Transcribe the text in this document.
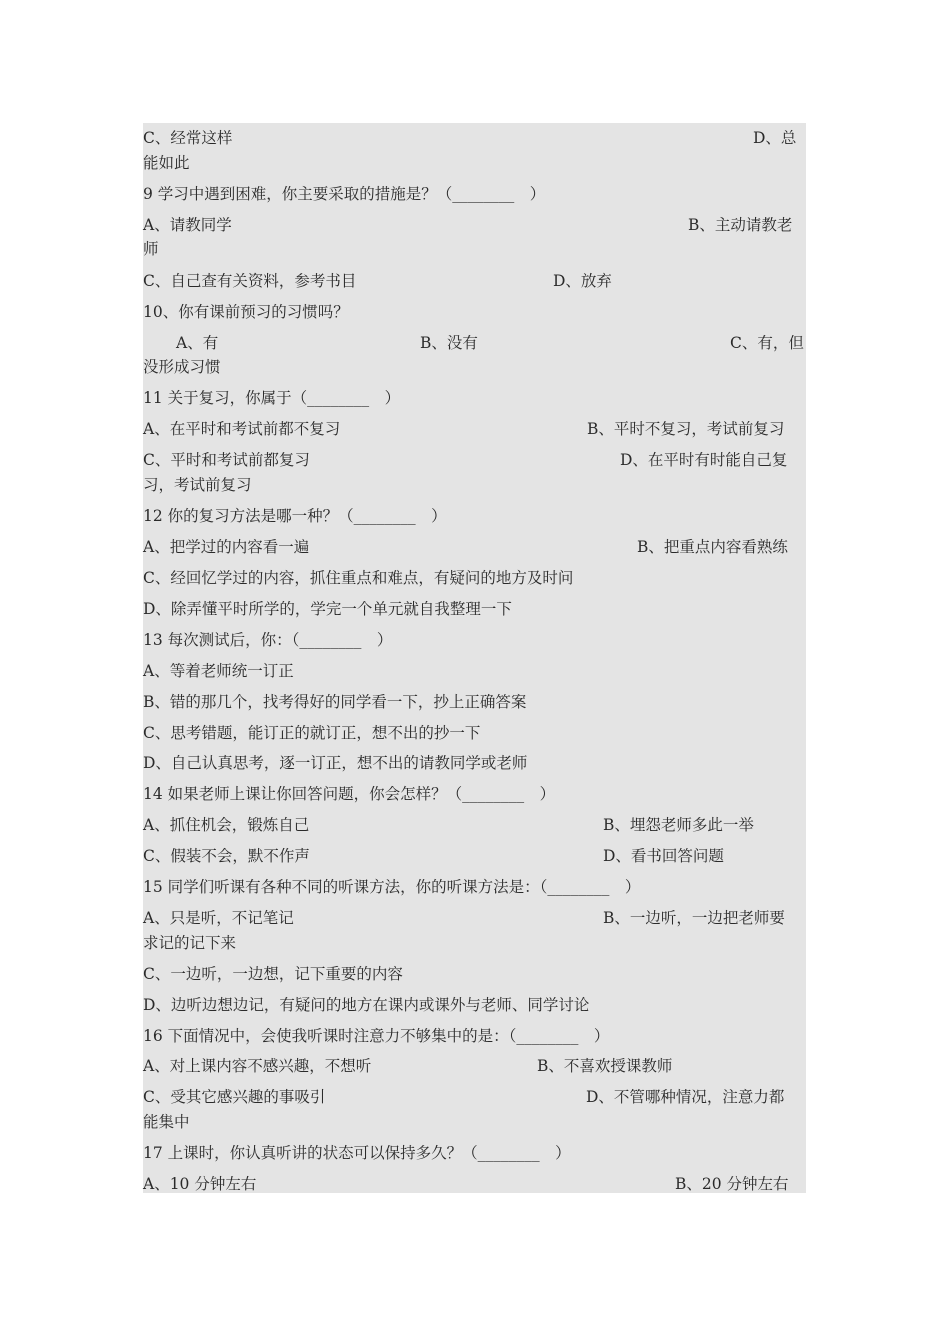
C、经常这样	D、总
能如此
9 学习中遇到困难，你主要采取的措施是？（________　）
A、请教同学	B、主动请教老
师
C、自己查有关资料，参考书目	D、放弃
10、你有课前预习的习惯吗？
A、有	B、没有	C、有，但
没形成习惯
11 关于复习，你属于（________　）
A、在平时和考试前都不复习	B、平时不复习，考试前复习
C、平时和考试前都复习	D、在平时有时能自己复
习，考试前复习
12 你的复习方法是哪一种？（________　）
A、把学过的内容看一遍	B、把重点内容看熟练
C、经回忆学过的内容，抓住重点和难点，有疑问的地方及时问
D、除弄懂平时所学的，学完一个单元就自我整理一下
13 每次测试后，你：（________　）
A、等着老师统一订正
B、错的那几个，找考得好的同学看一下，抄上正确答案
C、思考错题，能订正的就订正，想不出的抄一下
D、自己认真思考，逐一订正，想不出的请教同学或老师
14 如果老师上课让你回答问题，你会怎样？（________　）
A、抓住机会，锻炼自己	B、埋怨老师多此一举
C、假装不会，默不作声	D、看书回答问题
15 同学们听课有各种不同的听课方法，你的听课方法是：（________　）
A、只是听，不记笔记	B、一边听，一边把老师要
求记的记下来
C、一边听，一边想，记下重要的内容
D、边听边想边记，有疑问的地方在课内或课外与老师、同学讨论
16 下面情况中，会使我听课时注意力不够集中的是：（________　）
A、对上课内容不感兴趣，不想听	B、不喜欢授课教师
C、受其它感兴趣的事吸引	D、不管哪种情况，注意力都
能集中
17 上课时，你认真听讲的状态可以保持多久？（________　）
A、10 分钟左右	B、20 分钟左右
